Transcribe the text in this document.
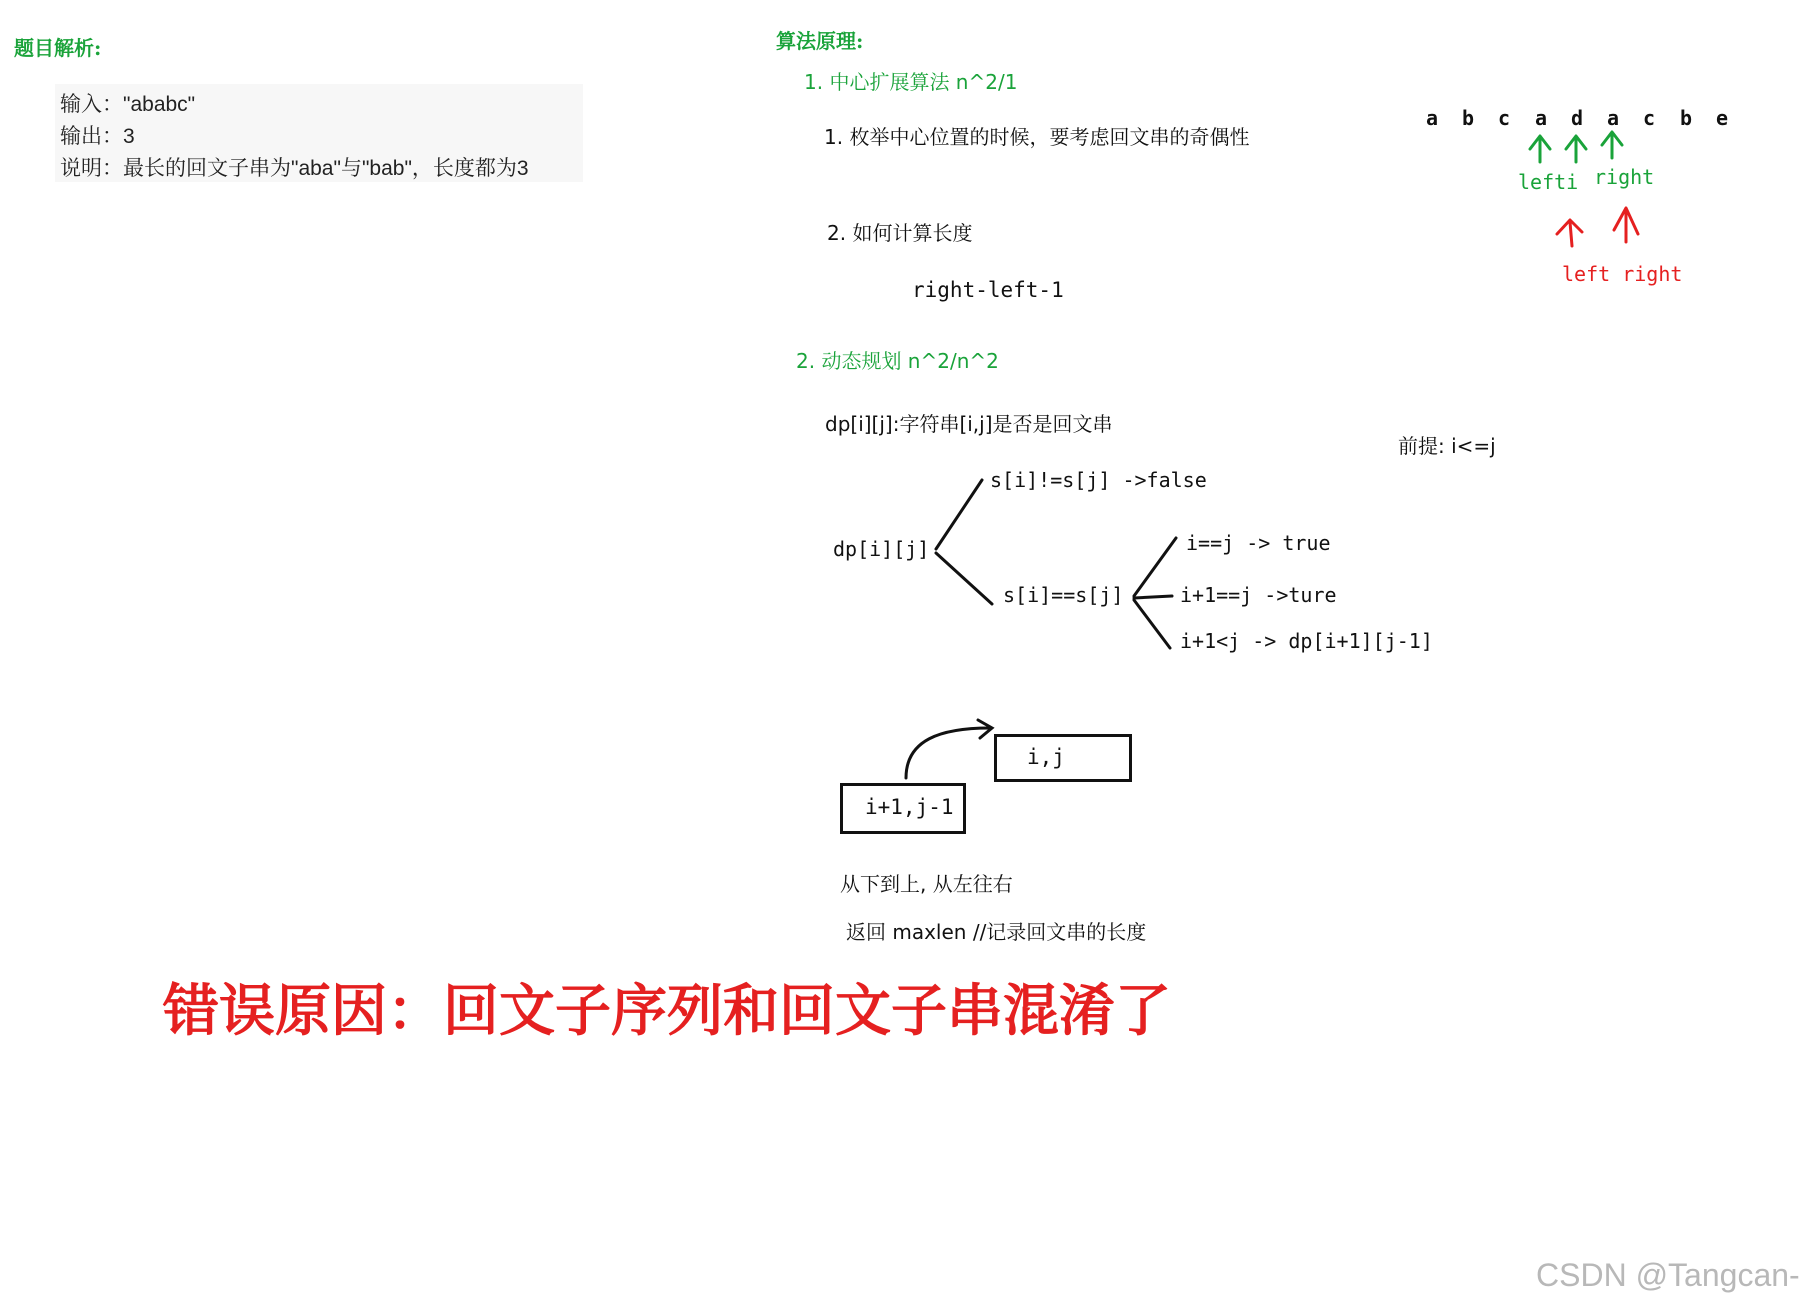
题目解析:
输入："ababc"
输出：3
说明：最长的回文子串为"aba"与"bab"，长度都为3
算法原理:
1. 中心扩展算法 n^2/1
1. 枚举中心位置的时候，要考虑回文串的奇偶性
2. 如何计算长度
right-left-1
a b c a d a c b e
lefti right
left right
2. 动态规划 n^2/n^2
dp[i][j]:字符串[i,j]是否是回文串
前提: i<=j
dp[i][j]
s[i]!=s[j] ->false
s[i]==s[j]
i==j -> true
i+1==j ->ture
i+1<j -> dp[i+1][j-1]
i,j
i+1,j-1
从下到上, 从左往右
返回 maxlen //记录回文串的长度
错误原因：回文子序列和回文子串混淆了
CSDN @Tangcan-
